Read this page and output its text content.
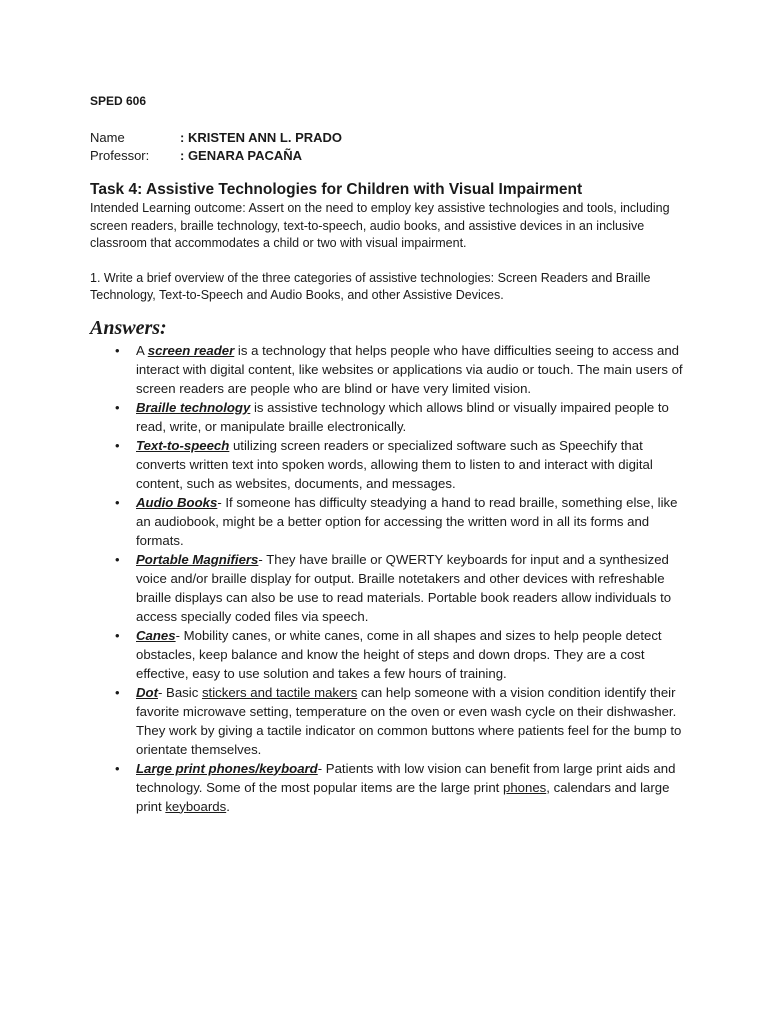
SPED 606

Name	: KRISTEN ANN L. PRADO
Professor:	: GENARA PACAÑA
Task 4: Assistive Technologies for Children with Visual Impairment

Intended Learning outcome: Assert on the need to employ key assistive technologies and tools, including screen readers, braille technology, text-to-speech, audio books, and assistive devices in an inclusive classroom that accommodates a child or two with visual impairment.

1. Write a brief overview of the three categories of assistive technologies: Screen Readers and Braille Technology, Text-to-Speech and Audio Books, and other Assistive Devices.

Answers:
• A screen reader is a technology that helps people who have difficulties seeing to access and interact with digital content, like websites or applications via audio or touch. The main users of screen readers are people who are blind or have very limited vision.
• Braille technology is assistive technology which allows blind or visually impaired people to read, write, or manipulate braille electronically.
• Text-to-speech utilizing screen readers or specialized software such as Speechify that converts written text into spoken words, allowing them to listen to and interact with digital content, such as websites, documents, and messages.
• Audio Books- If someone has difficulty steadying a hand to read braille, something else, like an audiobook, might be a better option for accessing the written word in all its forms and formats.
• Portable Magnifiers- They have braille or QWERTY keyboards for input and a synthesized voice and/or braille display for output. Braille notetakers and other devices with refreshable braille displays can also be use to read materials. Portable book readers allow individuals to access specially coded files via speech.
• Canes- Mobility canes, or white canes, come in all shapes and sizes to help people detect obstacles, keep balance and know the height of steps and down drops. They are a cost effective, easy to use solution and takes a few hours of training.
• Dot- Basic stickers and tactile makers can help someone with a vision condition identify their favorite microwave setting, temperature on the oven or even wash cycle on their dishwasher. They work by giving a tactile indicator on common buttons where patients feel for the bump to orientate themselves.
• Large print phones/keyboard- Patients with low vision can benefit from large print aids and technology. Some of the most popular items are the large print phones, calendars and large print keyboards.
